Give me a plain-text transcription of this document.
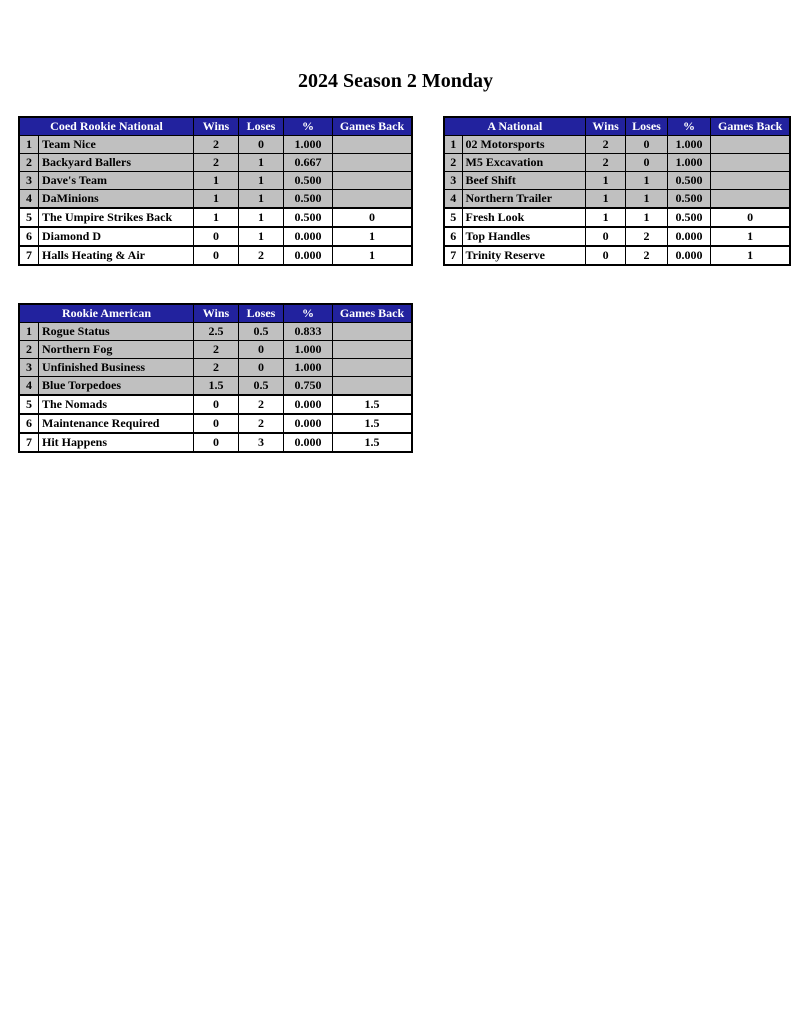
2024 Season 2 Monday
Coed Rookie National		Wins	Loses	%	Games Back
1	Team Nice	2	0	1.000	
2	Backyard Ballers	2	1	0.667	
3	Dave's Team	1	1	0.500	
4	DaMinions	1	1	0.500	
5	The Umpire Strikes Back	1	1	0.500	0
6	Diamond D	0	1	0.000	1
7	Halls Heating & Air	0	2	0.000	1
A National		Wins	Loses	%	Games Back
1	02 Motorsports	2	0	1.000	
2	M5 Excavation	2	0	1.000	
3	Beef Shift	1	1	0.500	
4	Northern Trailer	1	1	0.500	
5	Fresh Look	1	1	0.500	0
6	Top Handles	0	2	0.000	1
7	Trinity Reserve	0	2	0.000	1
Rookie American		Wins	Loses	%	Games Back
1	Rogue Status	2.5	0.5	0.833	
2	Northern Fog	2	0	1.000	
3	Unfinished Business	2	0	1.000	
4	Blue Torpedoes	1.5	0.5	0.750	
5	The Nomads	0	2	0.000	1.5
6	Maintenance Required	0	2	0.000	1.5
7	Hit Happens	0	3	0.000	1.5
